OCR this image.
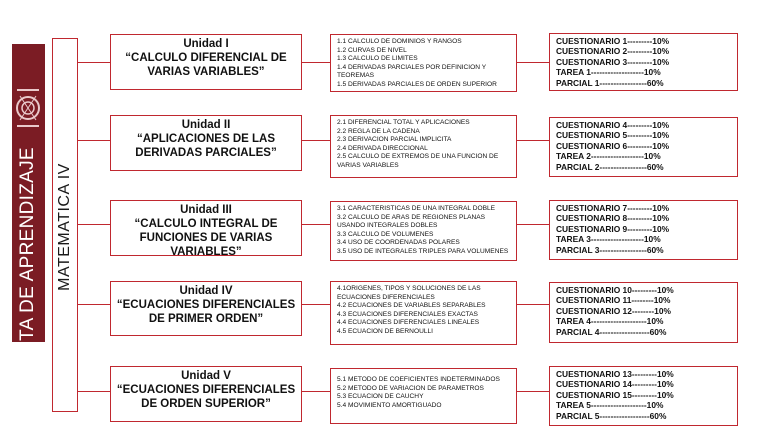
RUTA DE APRENDIZAJE MATEMATICA IV
Unidad I
“CALCULO DIFERENCIAL DE VARIAS VARIABLES”
1.1 CALCULO DE DOMINIOS Y RANGOS
1.2 CURVAS DE NIVEL
1.3 CALCULO DE LIMITES
1.4 DERIVADAS PARCIALES POR DEFINICION Y TEOREMAS
1.5 DERIVADAS PARCIALES DE ORDEN SUPERIOR
CUESTIONARIO 1---------10%
CUESTIONARIO 2---------10%
CUESTIONARIO 3---------10%
TAREA 1-------------------10%
PARCIAL 1-----------------60%
Unidad II
“APLICACIONES DE LAS DERIVADAS PARCIALES”
2.1 DIFERENCIAL TOTAL Y APLICACIONES
2.2 REGLA DE LA CADENA
2.3 DERIVACION PARCIAL IMPLICITA
2.4 DERIVADA DIRECCIONAL
2.5 CALCULO DE EXTREMOS DE UNA FUNCION DE VARIAS VARIABLES
CUESTIONARIO 4---------10%
CUESTIONARIO 5---------10%
CUESTIONARIO 6---------10%
TAREA 2-------------------10%
PARCIAL 2-----------------60%
Unidad III
“CALCULO INTEGRAL DE FUNCIONES DE VARIAS VARIABLES”
3.1 CARACTERISTICAS DE UNA INTEGRAL DOBLE
3.2 CALCULO DE ARAS DE REGIONES PLANAS USANDO INTEGRALES DOBLES
3.3 CALCULO DE VOLUMENES
3.4 USO DE COORDENADAS POLARES
3.5 USO DE INTEGRALES TRIPLES PARA VOLUMENES
CUESTIONARIO 7---------10%
CUESTIONARIO 8---------10%
CUESTIONARIO 9---------10%
TAREA 3-------------------10%
PARCIAL 3-----------------60%
Unidad IV
“ECUACIONES DIFERENCIALES DE PRIMER ORDEN”
4.1ORIGENES, TIPOS Y SOLUCIONES DE LAS ECUACIONES DIFERENCIALES
4.2 ECUACIONES DE VARIABLES SEPARABLES
4.3 ECUACIONES DIFERENCIALES EXACTAS
4.4 ECUACIONES DIFERENCIALES LINEALES
4.5 ECUACION DE BERNOULLI
CUESTIONARIO 10---------10%
CUESTIONARIO 11--------10%
CUESTIONARIO 12--------10%
TAREA 4--------------------10%
PARCIAL 4------------------60%
Unidad V
“ECUACIONES DIFERENCIALES DE ORDEN SUPERIOR”
5.1 METODO DE COEFICIENTES INDETERMINADOS
5.2 METODO DE VARIACION DE PARAMETROS
5.3 ECUACION DE CAUCHY
5.4 MOVIMIENTO AMORTIGUADO
CUESTIONARIO 13---------10%
CUESTIONARIO 14---------10%
CUESTIONARIO 15---------10%
TAREA 5--------------------10%
PARCIAL 5------------------60%
